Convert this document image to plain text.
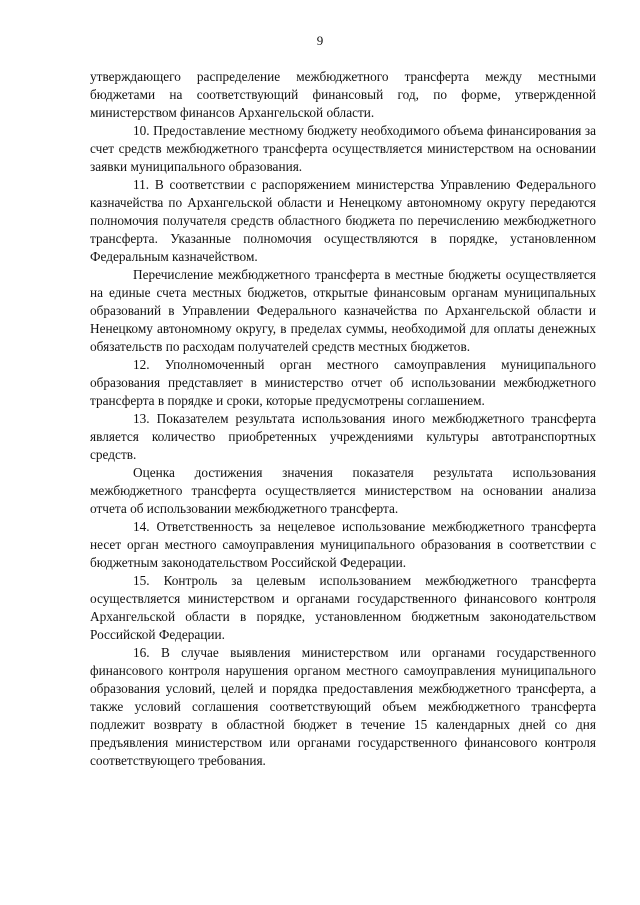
9

утверждающего распределение межбюджетного трансферта между местными бюджетами на соответствующий финансовый год, по форме, утвержденной министерством финансов Архангельской области.

10. Предоставление местному бюджету необходимого объема финансирования за счет средств межбюджетного трансферта осуществляется министерством на основании заявки муниципального образования.

11. В соответствии с распоряжением министерства Управлению Федерального казначейства по Архангельской области и Ненецкому автономному округу передаются полномочия получателя средств областного бюджета по перечислению межбюджетного трансферта. Указанные полномочия осуществляются в порядке, установленном Федеральным казначейством.

Перечисление межбюджетного трансферта в местные бюджеты осуществляется на единые счета местных бюджетов, открытые финансовым органам муниципальных образований в Управлении Федерального казначейства по Архангельской области и Ненецкому автономному округу, в пределах суммы, необходимой для оплаты денежных обязательств по расходам получателей средств местных бюджетов.

12. Уполномоченный орган местного самоуправления муниципального образования представляет в министерство отчет об использовании межбюджетного трансферта в порядке и сроки, которые предусмотрены соглашением.

13. Показателем результата использования иного межбюджетного трансферта является количество приобретенных учреждениями культуры автотранспортных средств.

Оценка достижения значения показателя результата использования межбюджетного трансферта осуществляется министерством на основании анализа отчета об использовании межбюджетного трансферта.

14. Ответственность за нецелевое использование межбюджетного трансферта несет орган местного самоуправления муниципального образования в соответствии с бюджетным законодательством Российской Федерации.

15. Контроль за целевым использованием межбюджетного трансферта осуществляется министерством и органами государственного финансового контроля Архангельской области в порядке, установленном бюджетным законодательством Российской Федерации.

16. В случае выявления министерством или органами государственного финансового контроля нарушения органом местного самоуправления муниципального образования условий, целей и порядка предоставления межбюджетного трансферта, а также условий соглашения соответствующий объем межбюджетного трансферта подлежит возврату в областной бюджет в течение 15 календарных дней со дня предъявления министерством или органами государственного финансового контроля соответствующего требования.
